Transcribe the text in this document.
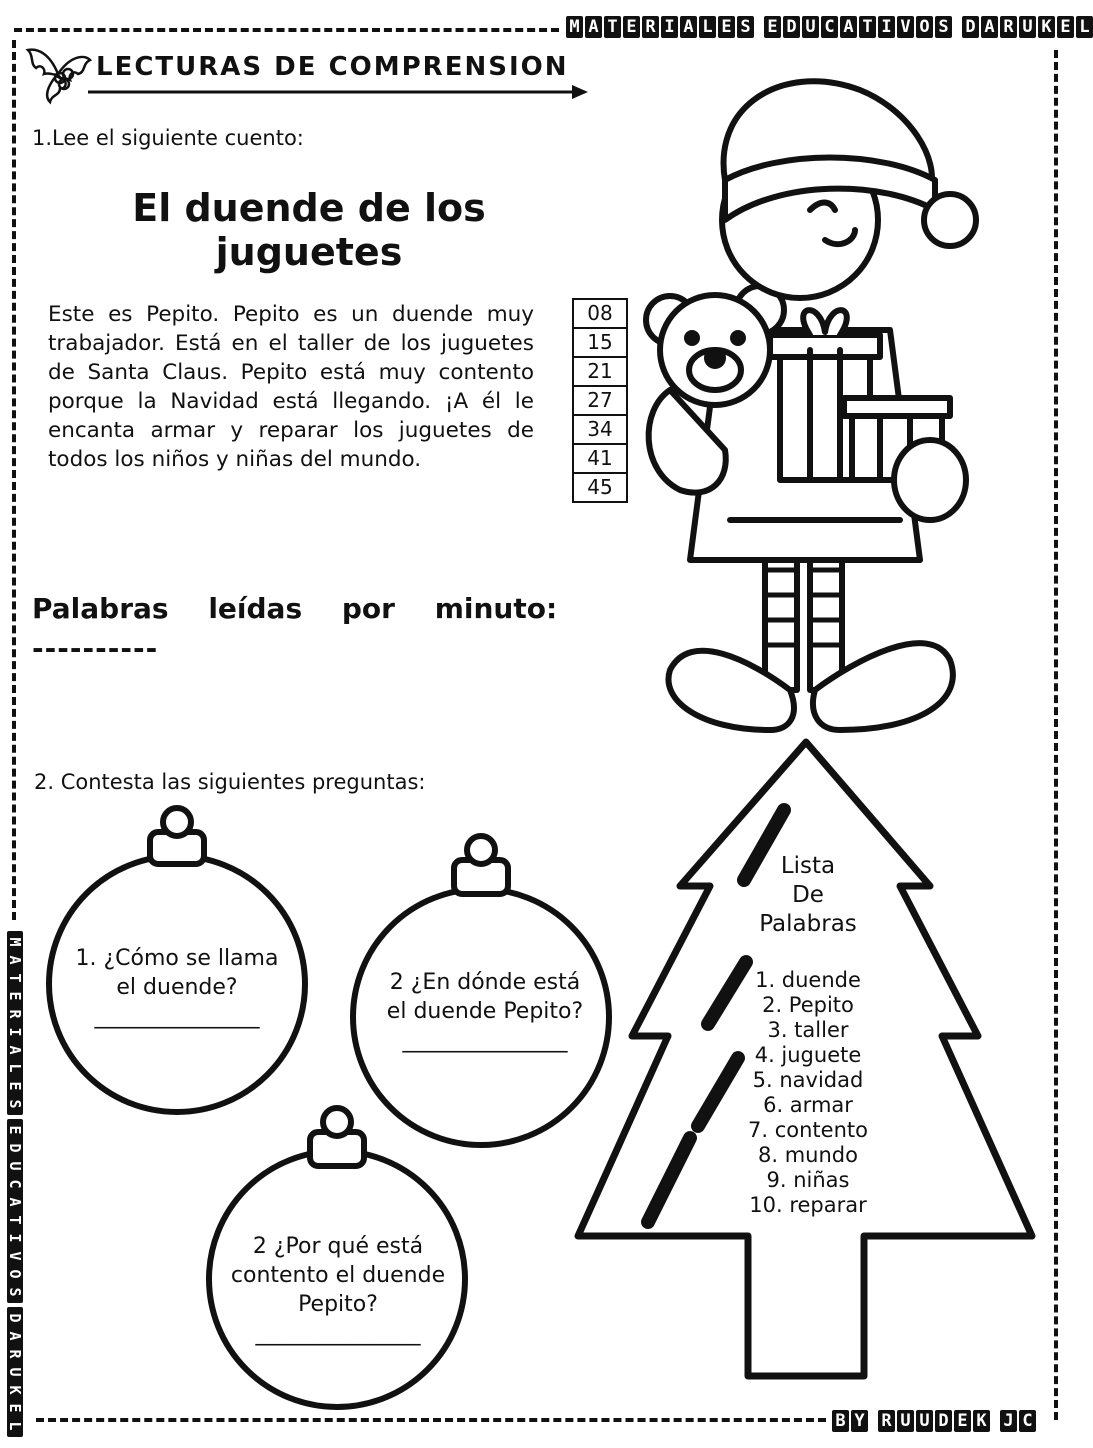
M A T E R I A L E S E D U C A T I V O S D A R U K E L
M
A
T
E
R
I
A
L
E
S
E
D
U
C
A
T
I
V
O
S
D
A
R
U
K
E
L	B Y R U U D E K J C
LECTURAS DE COMPRENSION
1.Lee el siguiente cuento:
El duende de los
juguetes
Este es Pepito. Pepito es un duende muy trabajador. Está en el taller de los juguetes de Santa Claus. Pepito está muy contento porque la Navidad está llegando. ¡A él le encanta armar y reparar los juguetes de todos los niños y niñas del mundo.
08
15
21
27
34
41
45
Palabras leídas por minuto:
----------
2. Contesta las siguientes preguntas:
1. ¿Cómo se llama el duende?
_______________
2 ¿En dónde está el duende Pepito?
_______________
2 ¿Por qué está contento el duende Pepito?
_______________
Lista
De
Palabras
1. duende
2. Pepito
3. taller
4. juguete
5. navidad
6. armar
7. contento
8. mundo
9. niñas
10. reparar
